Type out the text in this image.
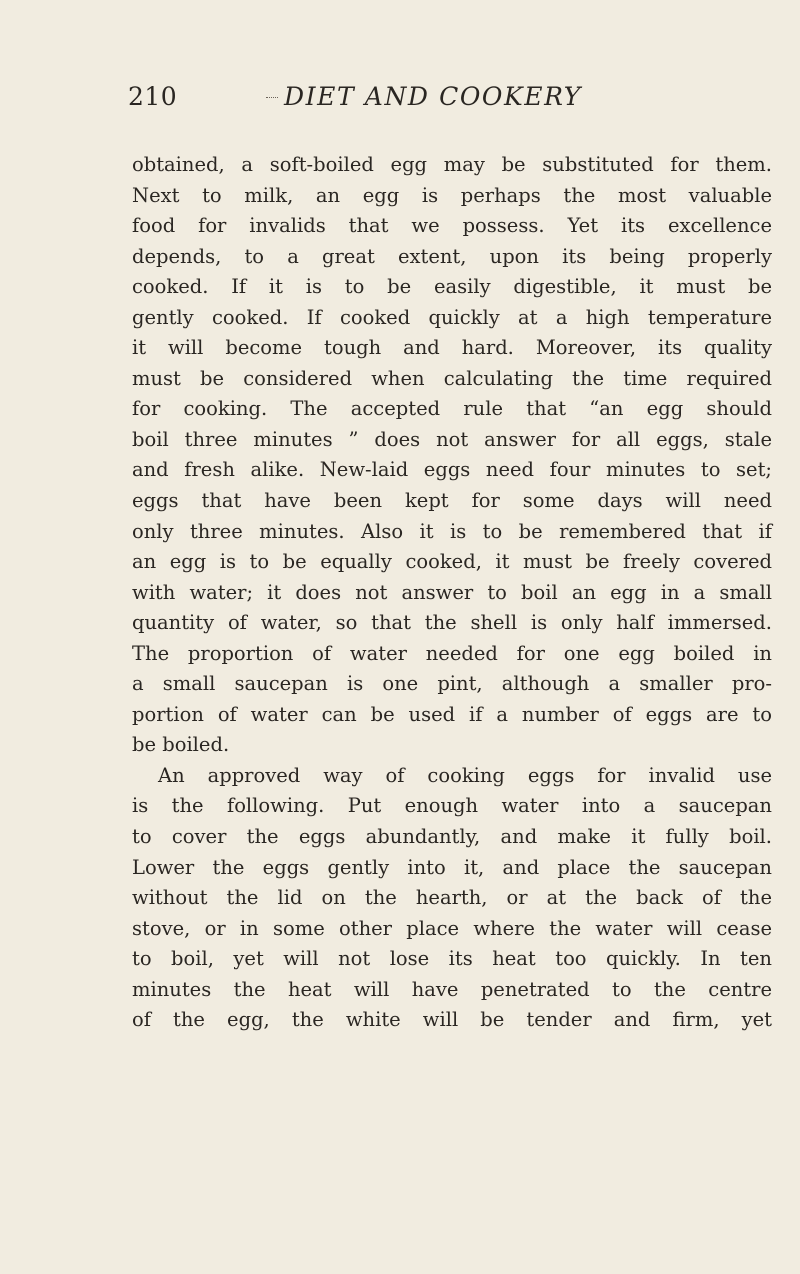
210	DIET AND COOKERY
obtained, a soft-boiled egg may be substituted for them.
Next to milk, an egg is perhaps the most valuable
food for invalids that we possess. Yet its excellence
depends, to a great extent, upon its being properly
cooked. If it is to be easily digestible, it must be
gently cooked. If cooked quickly at a high temperature
it will become tough and hard. Moreover, its quality
must be considered when calculating the time required
for cooking. The accepted rule that “an egg should
boil three minutes ” does not answer for all eggs, stale
and fresh alike. New-laid eggs need four minutes to set;
eggs that have been kept for some days will need
only three minutes. Also it is to be remembered that if
an egg is to be equally cooked, it must be freely covered
with water; it does not answer to boil an egg in a small
quantity of water, so that the shell is only half immersed.
The proportion of water needed for one egg boiled in
a small saucepan is one pint, although a smaller pro-
portion of water can be used if a number of eggs are to
be boiled.
An approved way of cooking eggs for invalid use
is the following. Put enough water into a saucepan
to cover the eggs abundantly, and make it fully boil.
Lower the eggs gently into it, and place the saucepan
without the lid on the hearth, or at the back of the
stove, or in some other place where the water will cease
to boil, yet will not lose its heat too quickly. In ten
minutes the heat will have penetrated to the centre
of the egg, the white will be tender and firm, yet
